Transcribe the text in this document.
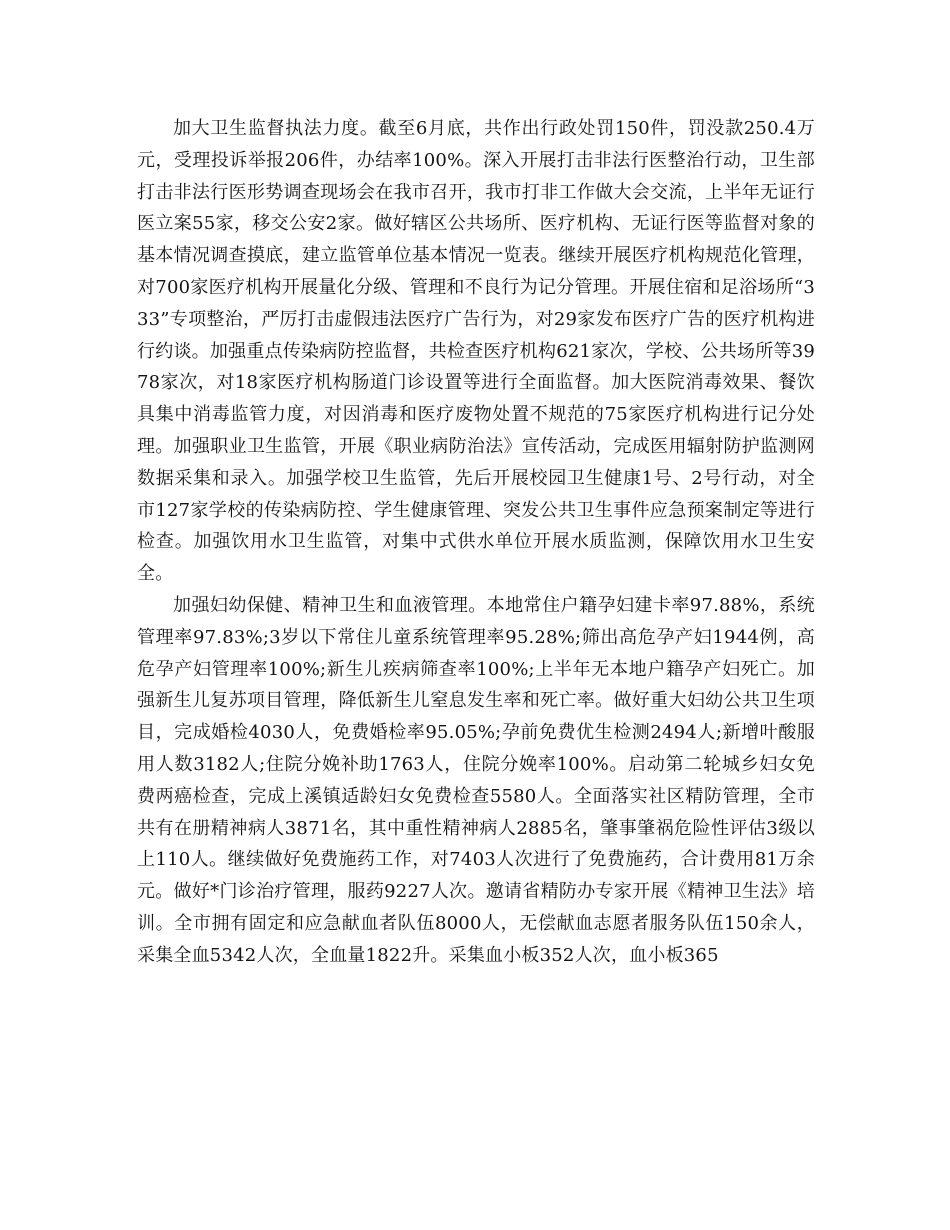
加大卫生监督执法力度。截至6月底，共作出行政处罚150件，罚没款250.4万元，受理投诉举报206件，办结率100%。深入开展打击非法行医整治行动，卫生部打击非法行医形势调查现场会在我市召开，我市打非工作做大会交流，上半年无证行医立案55家，移交公安2家。做好辖区公共场所、医疗机构、无证行医等监督对象的基本情况调查摸底，建立监管单位基本情况一览表。继续开展医疗机构规范化管理，对700家医疗机构开展量化分级、管理和不良行为记分管理。开展住宿和足浴场所“333”专项整治，严厉打击虚假违法医疗广告行为，对29家发布医疗广告的医疗机构进行约谈。加强重点传染病防控监督，共检查医疗机构621家次，学校、公共场所等3978家次，对18家医疗机构肠道门诊设置等进行全面监督。加大医院消毒效果、餐饮具集中消毒监管力度，对因消毒和医疗废物处置不规范的75家医疗机构进行记分处理。加强职业卫生监管，开展《职业病防治法》宣传活动，完成医用辐射防护监测网数据采集和录入。加强学校卫生监管，先后开展校园卫生健康1号、2号行动，对全市127家学校的传染病防控、学生健康管理、突发公共卫生事件应急预案制定等进行检查。加强饮用水卫生监管，对集中式供水单位开展水质监测，保障饮用水卫生安全。

加强妇幼保健、精神卫生和血液管理。本地常住户籍孕妇建卡率97.88%，系统管理率97.83%;3岁以下常住儿童系统管理率95.28%;筛出高危孕产妇1944例，高危孕产妇管理率100%;新生儿疾病筛查率100%;上半年无本地户籍孕产妇死亡。加强新生儿复苏项目管理，降低新生儿窒息发生率和死亡率。做好重大妇幼公共卫生项目，完成婚检4030人，免费婚检率95.05%;孕前免费优生检测2494人;新增叶酸服用人数3182人;住院分娩补助1763人，住院分娩率100%。启动第二轮城乡妇女免费两癌检查，完成上溪镇适龄妇女免费检查5580人。全面落实社区精防管理，全市共有在册精神病人3871名，其中重性精神病人2885名，肇事肇祸危险性评估3级以上110人。继续做好免费施药工作，对7403人次进行了免费施药，合计费用81万余元。做好*门诊治疗管理，服药9227人次。邀请省精防办专家开展《精神卫生法》培训。全市拥有固定和应急献血者队伍8000人，无偿献血志愿者服务队伍150余人，采集全血5342人次，全血量1822升。采集血小板352人次，血小板365
